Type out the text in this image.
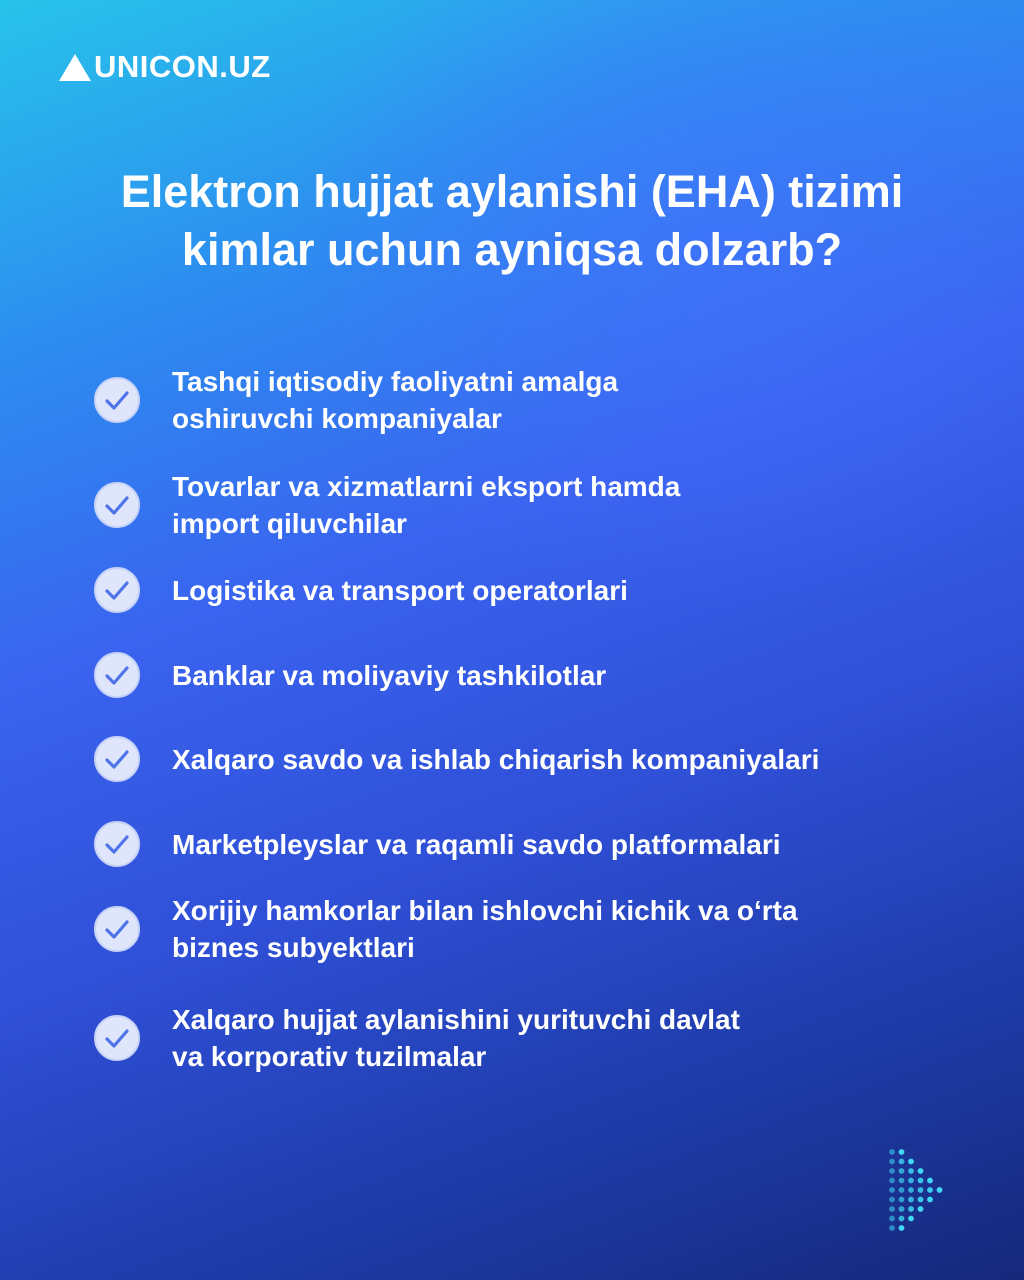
UNICON.UZ
Elektron hujjat aylanishi (EHA) tizimi
kimlar uchun ayniqsa dolzarb?
Tashqi iqtisodiy faoliyatni amalga
oshiruvchi kompaniyalar
Tovarlar va xizmatlarni eksport hamda
import qiluvchilar
Logistika va transport operatorlari
Banklar va moliyaviy tashkilotlar
Xalqaro savdo va ishlab chiqarish kompaniyalari
Marketpleyslar va raqamli savdo platformalari
Xorijiy hamkorlar bilan ishlovchi kichik va o‘rta
biznes subyektlari
Xalqaro hujjat aylanishini yurituvchi davlat
va korporativ tuzilmalar
